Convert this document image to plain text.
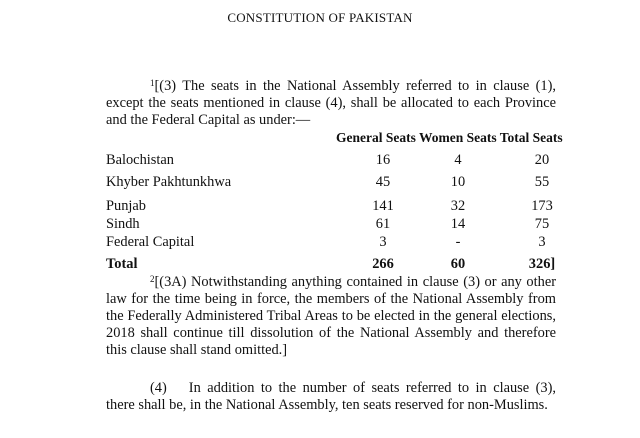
CONSTITUTION OF PAKISTAN
$^1$[(3) The seats in the National Assembly referred to in clause (1), except the seats mentioned in clause (4), shall be allocated to each Province and the Federal Capital as under:—
General Seats Women Seats Total Seats
Balochistan	16	4	20
Khyber Pakhtunkhwa	45	10	55
Punjab	141	32	173
Sindh	61	14	75
Federal Capital	3	-	3
Total	266	60	326]
$^2$[(3A) Notwithstanding anything contained in clause (3) or any other law for the time being in force, the members of the National Assembly from the Federally Administered Tribal Areas to be elected in the general elections, 2018 shall continue till dissolution of the National Assembly and therefore this clause shall stand omitted.]
(4) In addition to the number of seats referred to in clause (3), there shall be, in the National Assembly, ten seats reserved for non-Muslims.
